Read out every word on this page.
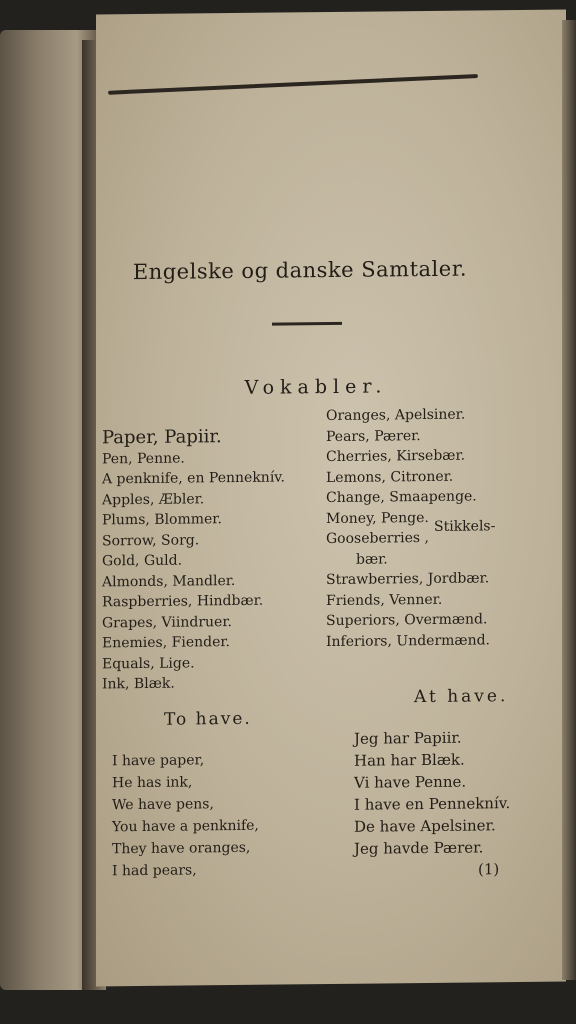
Engelske og danske Samtaler.
Vokabler.
Paper, Papiir.
Pen, Penne.
A penknife, en Penneknív.
Apples, Æbler.
Plums, Blommer.
Sorrow, Sorg.
Gold, Guld.
Almonds, Mandler.
Raspberries, Hindbær.
Grapes, Viindruer.
Enemies, Fiender.
Equals, Lige.
Ink, Blæk.
Oranges, Apelsiner.
Pears, Pærer.
Cherries, Kirsebær.
Lemons, Citroner.
Change, Smaapenge.
Money, Penge.
Gooseberries ,
bær.
Strawberries, Jordbær.
Friends, Venner.
Superiors, Overmænd.
Inferiors, Undermænd.
Stikkels-
To have.
At have.
I have paper,
He has ink,
We have pens,
You have a penknife,
They have oranges,
I had pears,
Jeg har Papiir.
Han har Blæk.
Vi have Penne.
I have en Penneknív.
De have Apelsiner.
Jeg havde Pærer.
(1)
